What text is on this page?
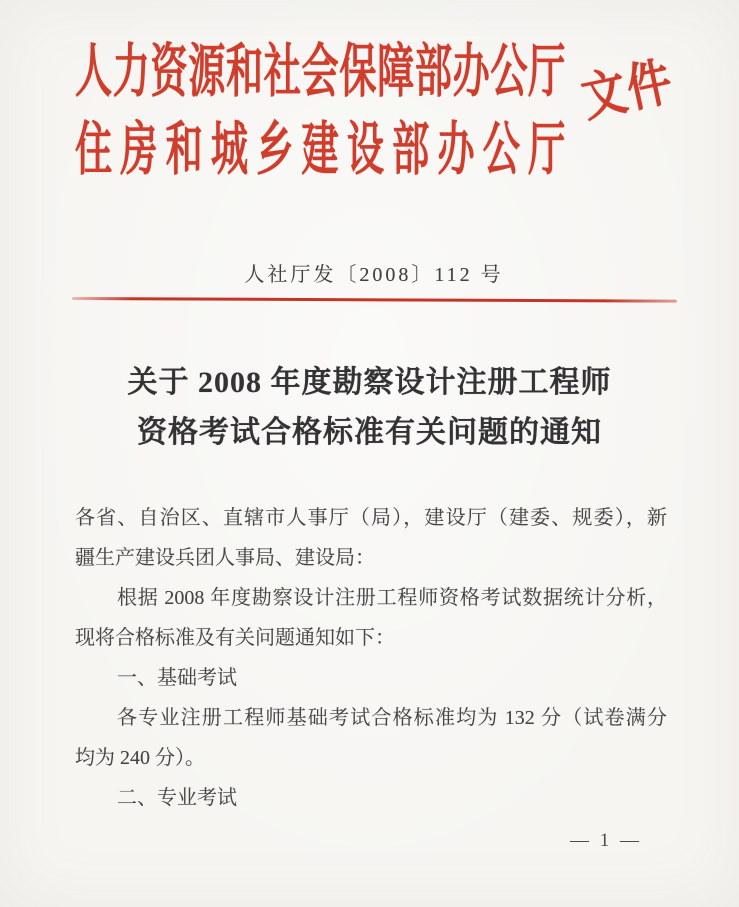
人力资源和社会保障部办公厅
住房和城乡建设部办公厅
文件
人社厅发〔2008〕112 号
关于 2008 年度勘察设计注册工程师
资格考试合格标准有关问题的通知
各省、自治区、直辖市人事厅（局），建设厅（建委、规委），新
疆生产建设兵团人事局、建设局：
根据 2008 年度勘察设计注册工程师资格考试数据统计分析，
现将合格标准及有关问题通知如下：
一、基础考试
各专业注册工程师基础考试合格标准均为 132 分（试卷满分
均为 240 分）。
二、专业考试
— 1 —
